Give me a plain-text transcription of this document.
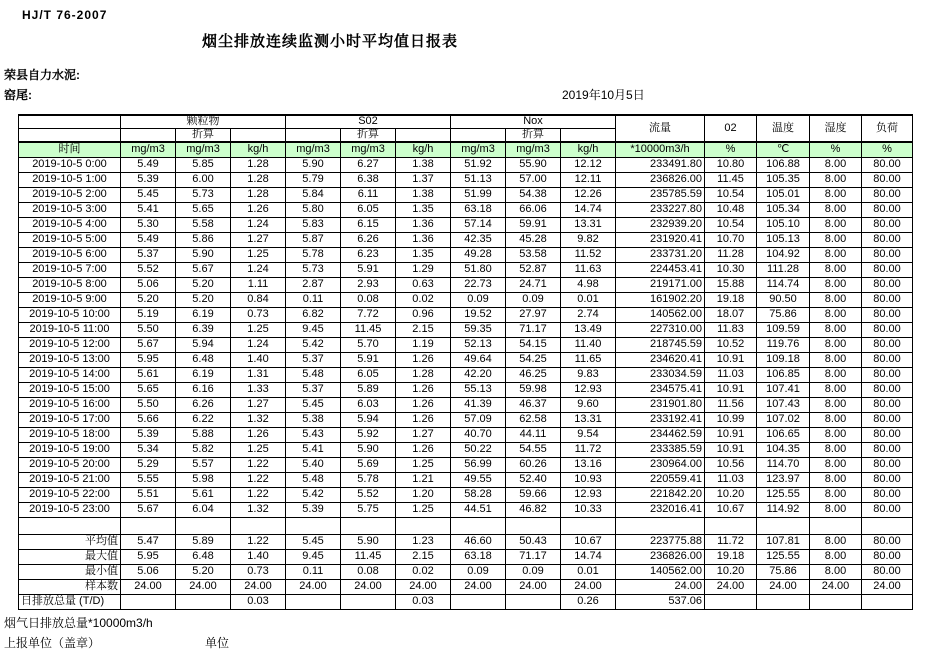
HJ/T 76-2007
烟尘排放连续监测小时平均值日报表
荣县自力水泥:
窑尾:	2019年10月5日
	颗粒物			S02			Nox			流量	02	温度	湿度	负荷
		折算			折算			折算						
时间	mg/m3	mg/m3	kg/h	mg/m3	mg/m3	kg/h	mg/m3	mg/m3	kg/h	*10000m3/h	%	℃	%	%
2019-10-5 0:00	5.49	5.85	1.28	5.90	6.27	1.38	51.92	55.90	12.12	233491.80	10.80	106.88	8.00	80.00
2019-10-5 1:00	5.39	6.00	1.28	5.79	6.38	1.37	51.13	57.00	12.11	236826.00	11.45	105.35	8.00	80.00
2019-10-5 2:00	5.45	5.73	1.28	5.84	6.11	1.38	51.99	54.38	12.26	235785.59	10.54	105.01	8.00	80.00
2019-10-5 3:00	5.41	5.65	1.26	5.80	6.05	1.35	63.18	66.06	14.74	233227.80	10.48	105.34	8.00	80.00
2019-10-5 4:00	5.30	5.58	1.24	5.83	6.15	1.36	57.14	59.91	13.31	232939.20	10.54	105.10	8.00	80.00
2019-10-5 5:00	5.49	5.86	1.27	5.87	6.26	1.36	42.35	45.28	9.82	231920.41	10.70	105.13	8.00	80.00
2019-10-5 6:00	5.37	5.90	1.25	5.78	6.23	1.35	49.28	53.58	11.52	233731.20	11.28	104.92	8.00	80.00
2019-10-5 7:00	5.52	5.67	1.24	5.73	5.91	1.29	51.80	52.87	11.63	224453.41	10.30	111.28	8.00	80.00
2019-10-5 8:00	5.06	5.20	1.11	2.87	2.93	0.63	22.73	24.71	4.98	219171.00	15.88	114.74	8.00	80.00
2019-10-5 9:00	5.20	5.20	0.84	0.11	0.08	0.02	0.09	0.09	0.01	161902.20	19.18	90.50	8.00	80.00
2019-10-5 10:00	5.19	6.19	0.73	6.82	7.72	0.96	19.52	27.97	2.74	140562.00	18.07	75.86	8.00	80.00
2019-10-5 11:00	5.50	6.39	1.25	9.45	11.45	2.15	59.35	71.17	13.49	227310.00	11.83	109.59	8.00	80.00
2019-10-5 12:00	5.67	5.94	1.24	5.42	5.70	1.19	52.13	54.15	11.40	218745.59	10.52	119.76	8.00	80.00
2019-10-5 13:00	5.95	6.48	1.40	5.37	5.91	1.26	49.64	54.25	11.65	234620.41	10.91	109.18	8.00	80.00
2019-10-5 14:00	5.61	6.19	1.31	5.48	6.05	1.28	42.20	46.25	9.83	233034.59	11.03	106.85	8.00	80.00
2019-10-5 15:00	5.65	6.16	1.33	5.37	5.89	1.26	55.13	59.98	12.93	234575.41	10.91	107.41	8.00	80.00
2019-10-5 16:00	5.50	6.26	1.27	5.45	6.03	1.26	41.39	46.37	9.60	231901.80	11.56	107.43	8.00	80.00
2019-10-5 17:00	5.66	6.22	1.32	5.38	5.94	1.26	57.09	62.58	13.31	233192.41	10.99	107.02	8.00	80.00
2019-10-5 18:00	5.39	5.88	1.26	5.43	5.92	1.27	40.70	44.11	9.54	234462.59	10.91	106.65	8.00	80.00
2019-10-5 19:00	5.34	5.82	1.25	5.41	5.90	1.26	50.22	54.55	11.72	233385.59	10.91	104.35	8.00	80.00
2019-10-5 20:00	5.29	5.57	1.22	5.40	5.69	1.25	56.99	60.26	13.16	230964.00	10.56	114.70	8.00	80.00
2019-10-5 21:00	5.55	5.98	1.22	5.48	5.78	1.21	49.55	52.40	10.93	220559.41	11.03	123.97	8.00	80.00
2019-10-5 22:00	5.51	5.61	1.22	5.42	5.52	1.20	58.28	59.66	12.93	221842.20	10.20	125.55	8.00	80.00
2019-10-5 23:00	5.67	6.04	1.32	5.39	5.75	1.25	44.51	46.82	10.33	232016.41	10.67	114.92	8.00	80.00

平均值	5.47	5.89	1.22	5.45	5.90	1.23	46.60	50.43	10.67	223775.88	11.72	107.81	8.00	80.00
最大值	5.95	6.48	1.40	9.45	11.45	2.15	63.18	71.17	14.74	236826.00	19.18	125.55	8.00	80.00
最小值	5.06	5.20	0.73	0.11	0.08	0.02	0.09	0.09	0.01	140562.00	10.20	75.86	8.00	80.00
样本数	24.00	24.00	24.00	24.00	24.00	24.00	24.00	24.00	24.00	24.00	24.00	24.00	24.00	24.00
日排放总量 (T/D)			0.03			0.03			0.26	537.06				
烟气日排放总量*10000m3/h
上报单位（盖章）	单位
